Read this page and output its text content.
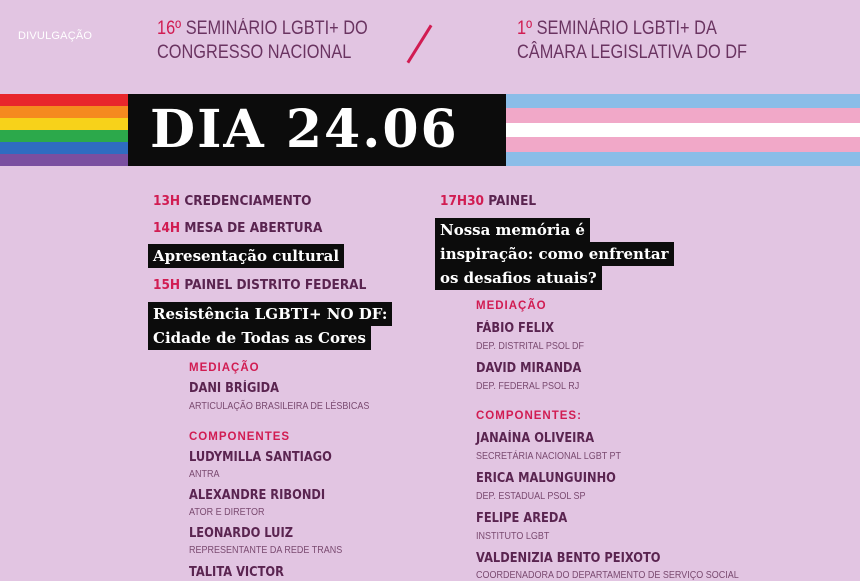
DIVULGAÇÃO	16º SEMINÁRIO LGBTI+ DO
CONGRESSO NACIONAL
1º SEMINÁRIO LGBTI+ DA
CÂMARA LEGISLATIVA DO DF
DIA 24.06
13H CREDENCIAMENTO
14H MESA DE ABERTURA
Apresentação cultural
15H PAINEL DISTRITO FEDERAL
Resistência LGBTI+ NO DF:
Cidade de Todas as Cores
MEDIAÇÃO
DANI BRÍGIDA
ARTICULAÇÃO BRASILEIRA DE LÉSBICAS
COMPONENTES
LUDYMILLA SANTIAGO
ANTRA
ALEXANDRE RIBONDI
ATOR E DIRETOR
LEONARDO LUIZ
REPRESENTANTE DA REDE TRANS
TALITA VICTOR
17H30 PAINEL
Nossa memória é
inspiração: como enfrentar
os desafios atuais?
MEDIAÇÃO
FÁBIO FELIX
DEP. DISTRITAL PSOL DF
DAVID MIRANDA
DEP. FEDERAL PSOL RJ
COMPONENTES:
JANAÍNA OLIVEIRA
SECRETÁRIA NACIONAL LGBT PT
ERICA MALUNGUINHO
DEP. ESTADUAL PSOL SP
FELIPE AREDA
INSTITUTO LGBT
VALDENIZIA BENTO PEIXOTO
COORDENADORA DO DEPARTAMENTO DE SERVIÇO SOCIAL
